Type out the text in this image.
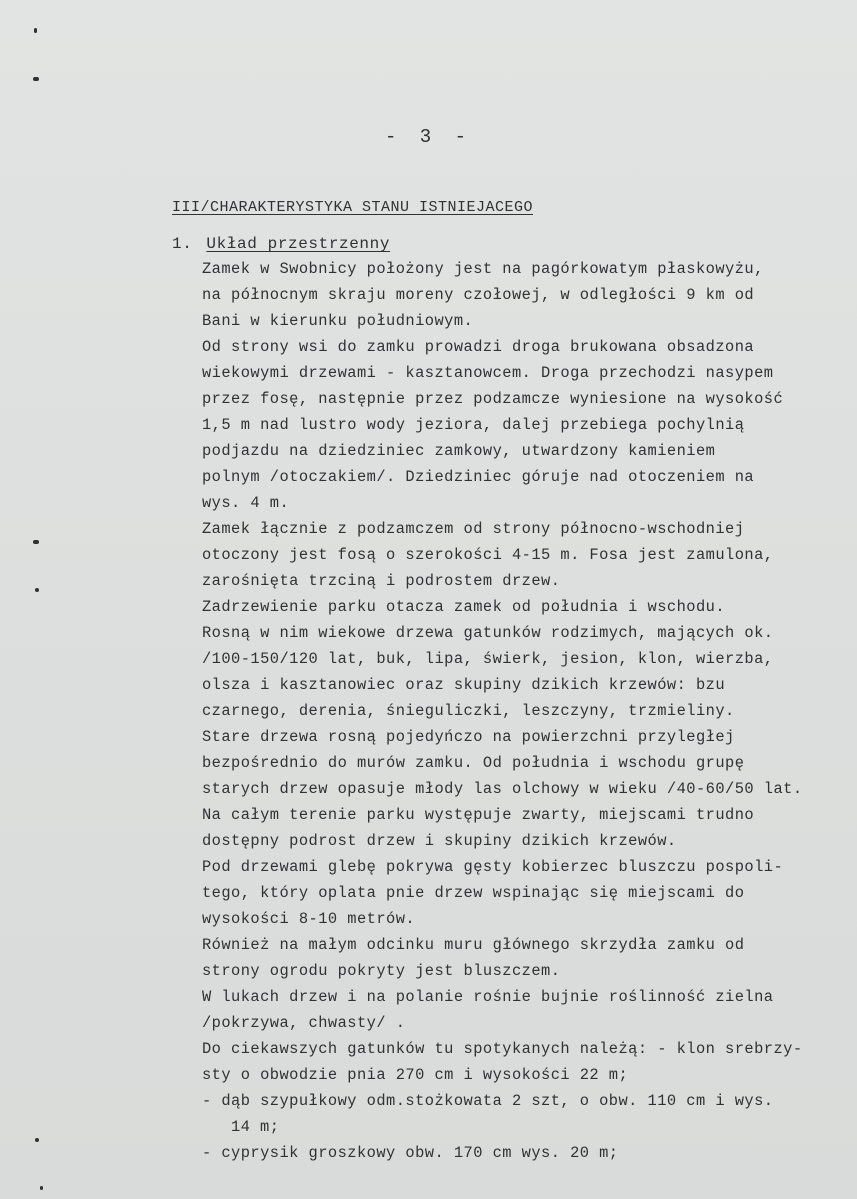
- 3 -
III/CHARAKTERYSTYKA STANU ISTNIEJACEGO
1. Układ przestrzenny
Zamek w Swobnicy położony jest na pagórkowatym płaskowyżu,
na północnym skraju moreny czołowej, w odległości 9 km od
Bani w kierunku południowym.
Od strony wsi do zamku prowadzi droga brukowana obsadzona
wiekowymi drzewami - kasztanowcem. Droga przechodzi nasypem
przez fosę, następnie przez podzamcze wyniesione na wysokość
1,5 m nad lustro wody jeziora, dalej przebiega pochylnią
podjazdu na dziedziniec zamkowy, utwardzony kamieniem
polnym /otoczakiem/. Dziedziniec góruje nad otoczeniem na
wys. 4 m.
Zamek łącznie z podzamczem od strony północno-wschodniej
otoczony jest fosą o szerokości 4-15 m. Fosa jest zamulona,
zarośnięta trzciną i podrostem drzew.
Zadrzewienie parku otacza zamek od południa i wschodu.
Rosną w nim wiekowe drzewa gatunków rodzimych, mających ok.
/100-150/120 lat, buk, lipa, świerk, jesion, klon, wierzba,
olsza i kasztanowiec oraz skupiny dzikich krzewów: bzu
czarnego, derenia, śnieguliczki, leszczyny, trzmieliny.
Stare drzewa rosną pojedyńczo na powierzchni przyległej
bezpośrednio do murów zamku. Od południa i wschodu grupę
starych drzew opasuje młody las olchowy w wieku /40-60/50 lat.
Na całym terenie parku występuje zwarty, miejscami trudno
dostępny podrost drzew i skupiny dzikich krzewów.
Pod drzewami glebę pokrywa gęsty kobierzec bluszczu pospoli-
tego, który oplata pnie drzew wspinając się miejscami do
wysokości 8-10 metrów.
Również na małym odcinku muru głównego skrzydła zamku od
strony ogrodu pokryty jest bluszczem.
W lukach drzew i na polanie rośnie bujnie roślinność zielna
/pokrzywa, chwasty/ .
Do ciekawszych gatunków tu spotykanych należą: - klon srebrzy-
sty o obwodzie pnia 270 cm i wysokości 22 m;
- dąb szypułkowy odm.stożkowata 2 szt, o obw. 110 cm i wys.
14 m;
- cyprysik groszkowy obw. 170 cm wys. 20 m;
